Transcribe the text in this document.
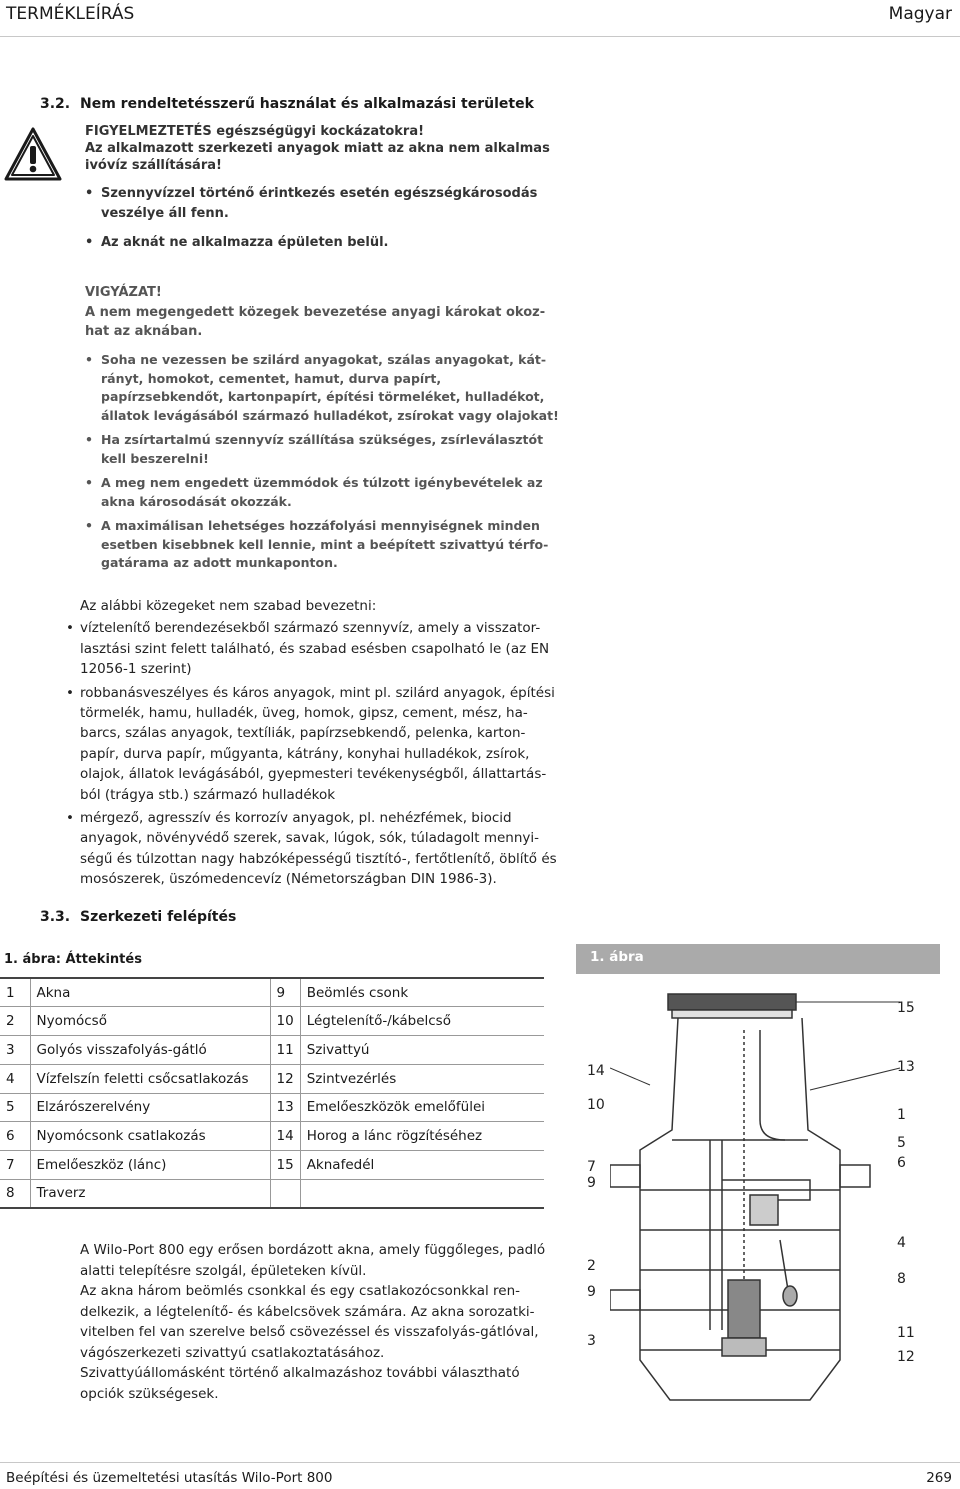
TERMÉKLEÍRÁS	Magyar
3.2. Nem rendeltetésszerű használat és alkalmazási területek

FIGYELMEZTETÉS egészségügyi kockázatokra!

Az alkalmazott szerkezeti anyagok miatt az akna nem alkalmas ivóvíz szállítására!

• Szennyvízzel történő érintkezés esetén egészségkárosodás veszélye áll fenn.
• Az aknát ne alkalmazza épületen belül.
VIGYÁZAT!
A nem megengedett közegek bevezetése anyagi károkat okoz-hat az aknában.
• Soha ne vezessen be szilárd anyagokat, szálas anyagokat, kát-rányt, homokot, cementet, hamut, durva papírt, papírzsebkendőt, kartonpapírt, építési törmeléket, hulladékot, állatok levágásából származó hulladékot, zsírokat vagy olajokat!
• Ha zsírtartalmú szennyvíz szállítása szükséges, zsírleválasztót kell beszerelni!
• A meg nem engedett üzemmódok és túlzott igénybevételek az akna károsodását okozzák.
• A maximálisan lehetséges hozzáfolyási mennyiségnek minden esetben kisebbnek kell lennie, mint a beépített szivattyú térfo-gatárama az adott munkaponton.
Az alábbi közegeket nem szabad bevezetni:
• víztelenítő berendezésekből származó szennyvíz, amely a visszator-lasztási szint felett található, és szabad esésben csapolható le (az EN 12056-1 szerint)
• robbanásveszélyes és káros anyagok, mint pl. szilárd anyagok, építési törmelék, hamu, hulladék, üveg, homok, gipsz, cement, mész, ha-barcs, szálas anyagok, textíliák, papírzsebkendő, pelenka, karton-papír, durva papír, műgyanta, kátrány, konyhai hulladékok, zsírok, olajok, állatok levágásából, gyepmesteri tevékenységből, állattartás-ból (trágya stb.) származó hulladékok
• mérgező, agresszív és korrozív anyagok, pl. nehézfémek, biocid anyagok, növényvédő szerek, savak, lúgok, sók, túladagolt mennyi-ségű és túlzottan nagy habzóképességű tisztító-, fertőtlenítő, öblítő és mosószerek, üszómedencevíz (Németországban DIN 1986-3).
3.3. Szerkezeti felépítés
1. ábra: Áttekintés
1	Akna	9	Beömlés csonk
2	Nyomócső	10	Légtelenítő-/kábelcső
3	Golyós visszafolyás-gátló	11	Szivattyú
4	Vízfelszín feletti csőcsatlakozás	12	Szintvezérlés
5	Elzárószerelvény	13	Emelőeszközök emelőfülei
6	Nyomócsonk csatlakozás	14	Horog a lánc rögzítéséhez
7	Emelőeszköz (lánc)	15	Aknafedél
8	Traverz		

A Wilo-Port 800 egy erősen bordázott akna, amely függőleges, padló alatti telepítésre szolgál, épületeken kívül.

Az akna három beömlés csonkkal és egy csatlakozócsonkkal ren-delkezik, a légtelenítő- és kábelcsövek számára. Az akna sorozatki-vitelben fel van szerelve belső csövezéssel és visszafolyás-gátlóval, vágószerkezeti szivattyú csatlakoztatásához.

Szivattyúállomásként történő alkalmazáshoz további választható opciók szükségesek.

1. ábra
15
14	13
10
1
5
7	6
9
4
2
8
9
3	11
12
Beépítési és üzemeltetési utasítás Wilo-Port 800	269
